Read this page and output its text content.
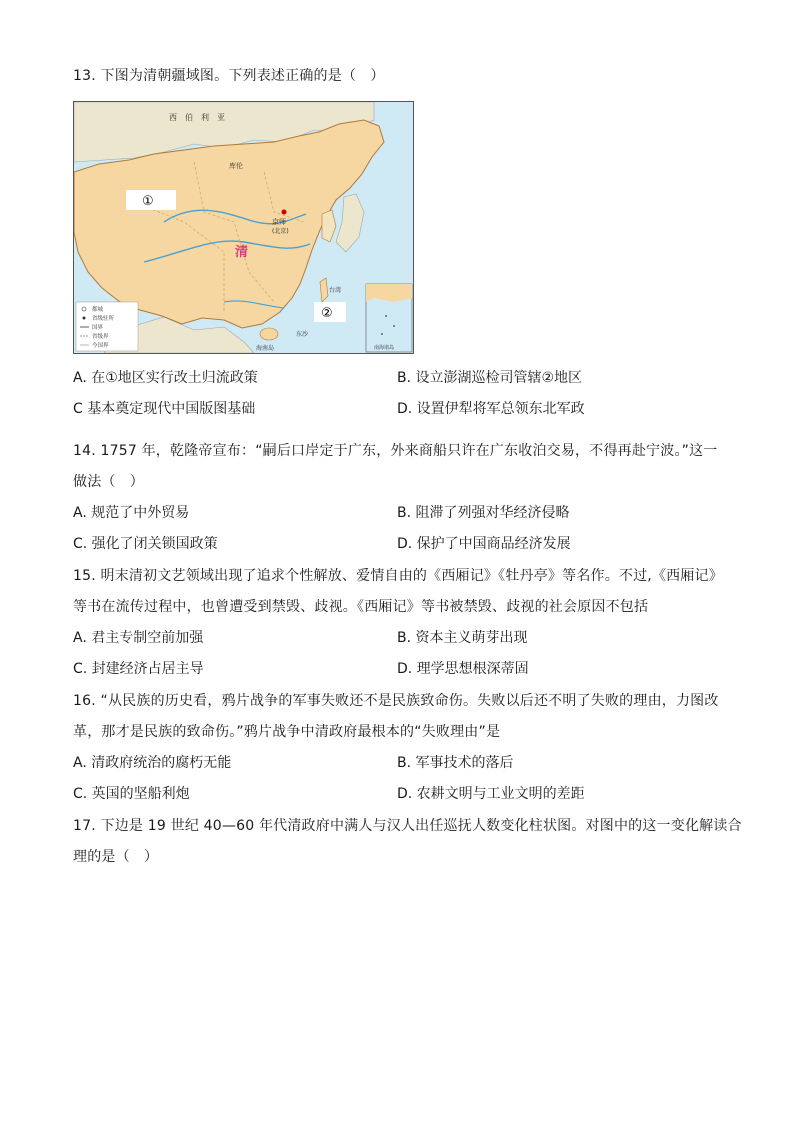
13. 下图为清朝疆域图。下列表述正确的是（　）
①
②
西　伯　利　亚
库伦
京师
(北京)
清
东沙
海南岛
台湾
都城
省级驻所
国界
省级界
今国界	南海诸岛
A. 在①地区实行改土归流政策	B. 设立澎湖巡检司管辖②地区
C 基本奠定现代中国版图基础	D. 设置伊犁将军总领东北军政
14. 1757 年，乾隆帝宣布：“嗣后口岸定于广东，外来商船只许在广东收泊交易，不得再赴宁波。”这一
做法（　）
A. 规范了中外贸易	B. 阻滞了列强对华经济侵略
C. 强化了闭关锁国政策	D. 保护了中国商品经济发展
15. 明末清初文艺领域出现了追求个性解放、爱情自由的《西厢记》《牡丹亭》等名作。不过,《西厢记》
等书在流传过程中，也曾遭受到禁毁、歧视。《西厢记》等书被禁毁、歧视的社会原因不包括
A. 君主专制空前加强	B. 资本主义萌芽出现
C. 封建经济占居主导	D. 理学思想根深蒂固
16. “从民族的历史看，鸦片战争的军事失败还不是民族致命伤。失败以后还不明了失败的理由，力图改
革，那才是民族的致命伤。”鸦片战争中清政府最根本的“失败理由”是
A. 清政府统治的腐朽无能	B. 军事技术的落后
C. 英国的坚船利炮	D. 农耕文明与工业文明的差距
17. 下边是 19 世纪 40—60 年代清政府中满人与汉人出任巡抚人数变化柱状图。对图中的这一变化解读合
理的是（　）
